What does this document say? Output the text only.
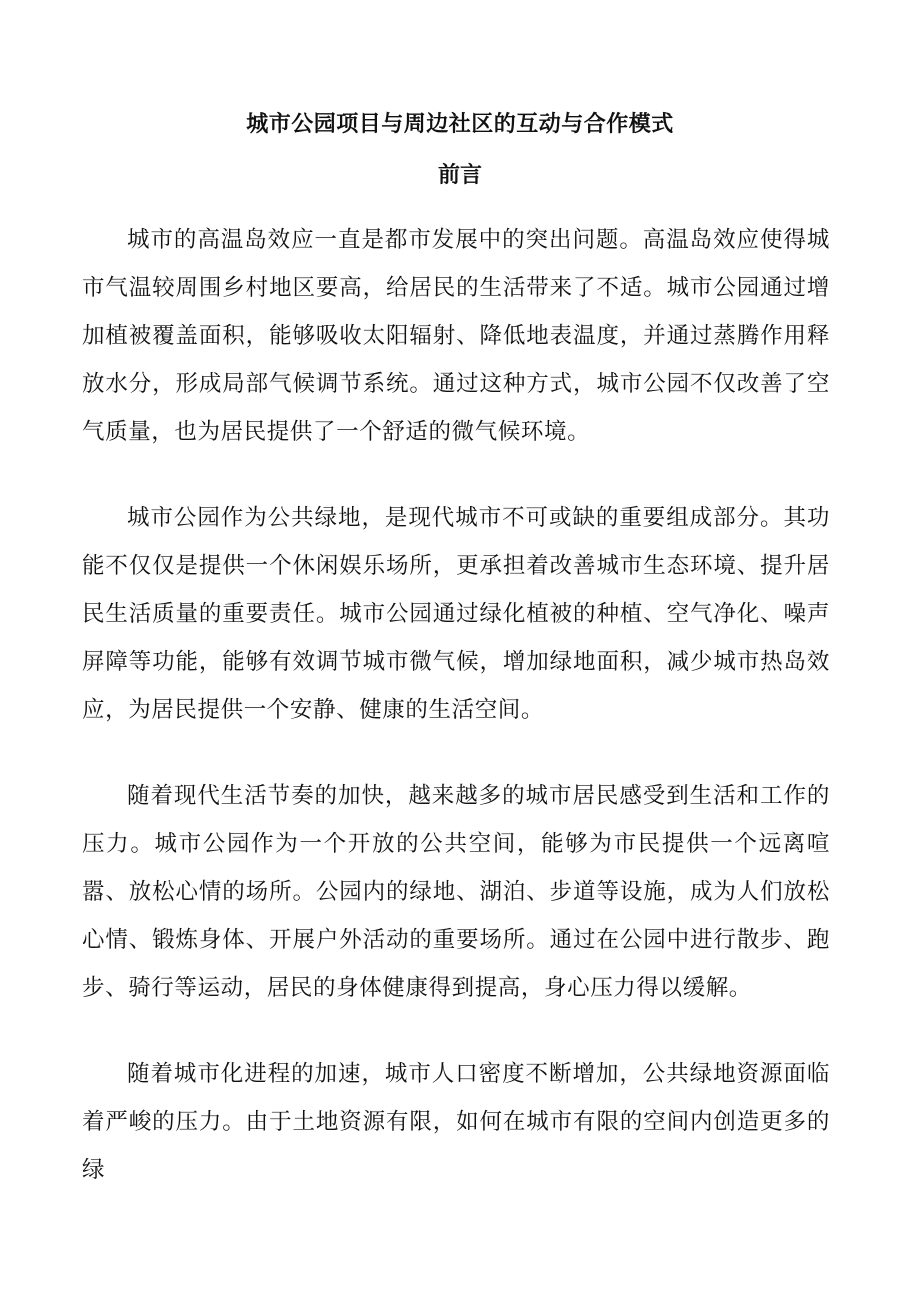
城市公园项目与周边社区的互动与合作模式
前言

城市的高温岛效应一直是都市发展中的突出问题。高温岛效应使得城市气温较周围乡村地区要高，给居民的生活带来了不适。城市公园通过增加植被覆盖面积，能够吸收太阳辐射、降低地表温度，并通过蒸腾作用释放水分，形成局部气候调节系统。通过这种方式，城市公园不仅改善了空气质量，也为居民提供了一个舒适的微气候环境。

城市公园作为公共绿地，是现代城市不可或缺的重要组成部分。其功能不仅仅是提供一个休闲娱乐场所，更承担着改善城市生态环境、提升居民生活质量的重要责任。城市公园通过绿化植被的种植、空气净化、噪声屏障等功能，能够有效调节城市微气候，增加绿地面积，减少城市热岛效应，为居民提供一个安静、健康的生活空间。

随着现代生活节奏的加快，越来越多的城市居民感受到生活和工作的压力。城市公园作为一个开放的公共空间，能够为市民提供一个远离喧嚣、放松心情的场所。公园内的绿地、湖泊、步道等设施，成为人们放松心情、锻炼身体、开展户外活动的重要场所。通过在公园中进行散步、跑步、骑行等运动，居民的身体健康得到提高，身心压力得以缓解。

随着城市化进程的加速，城市人口密度不断增加，公共绿地资源面临着严峻的压力。由于土地资源有限，如何在城市有限的空间内创造更多的绿
